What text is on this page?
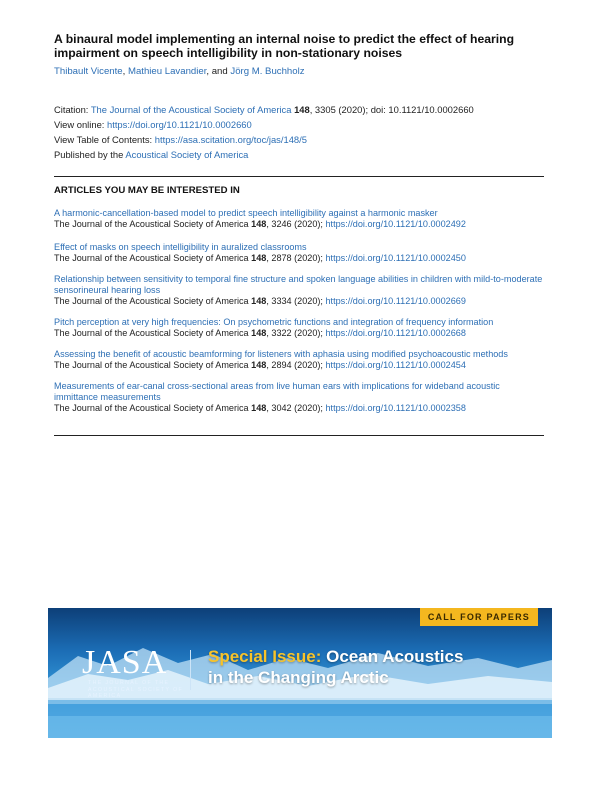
A binaural model implementing an internal noise to predict the effect of hearing impairment on speech intelligibility in non-stationary noises
Thibault Vicente, Mathieu Lavandier, and Jörg M. Buchholz
Citation: The Journal of the Acoustical Society of America 148, 3305 (2020); doi: 10.1121/10.0002660
View online: https://doi.org/10.1121/10.0002660
View Table of Contents: https://asa.scitation.org/toc/jas/148/5
Published by the Acoustical Society of America
ARTICLES YOU MAY BE INTERESTED IN
A harmonic-cancellation-based model to predict speech intelligibility against a harmonic masker
The Journal of the Acoustical Society of America 148, 3246 (2020); https://doi.org/10.1121/10.0002492
Effect of masks on speech intelligibility in auralized classrooms
The Journal of the Acoustical Society of America 148, 2878 (2020); https://doi.org/10.1121/10.0002450
Relationship between sensitivity to temporal fine structure and spoken language abilities in children with mild-to-moderate sensorineural hearing loss
The Journal of the Acoustical Society of America 148, 3334 (2020); https://doi.org/10.1121/10.0002669
Pitch perception at very high frequencies: On psychometric functions and integration of frequency information
The Journal of the Acoustical Society of America 148, 3322 (2020); https://doi.org/10.1121/10.0002668
Assessing the benefit of acoustic beamforming for listeners with aphasia using modified psychoacoustic methods
The Journal of the Acoustical Society of America 148, 2894 (2020); https://doi.org/10.1121/10.0002454
Measurements of ear-canal cross-sectional areas from live human ears with implications for wideband acoustic immittance measurements
The Journal of the Acoustical Society of America 148, 3042 (2020); https://doi.org/10.1121/10.0002358
CALL FOR PAPERS
JASA
THE JOURNAL OF THE ACOUSTICAL SOCIETY OF AMERICA
Special Issue: Ocean Acoustics
in the Changing Arctic
